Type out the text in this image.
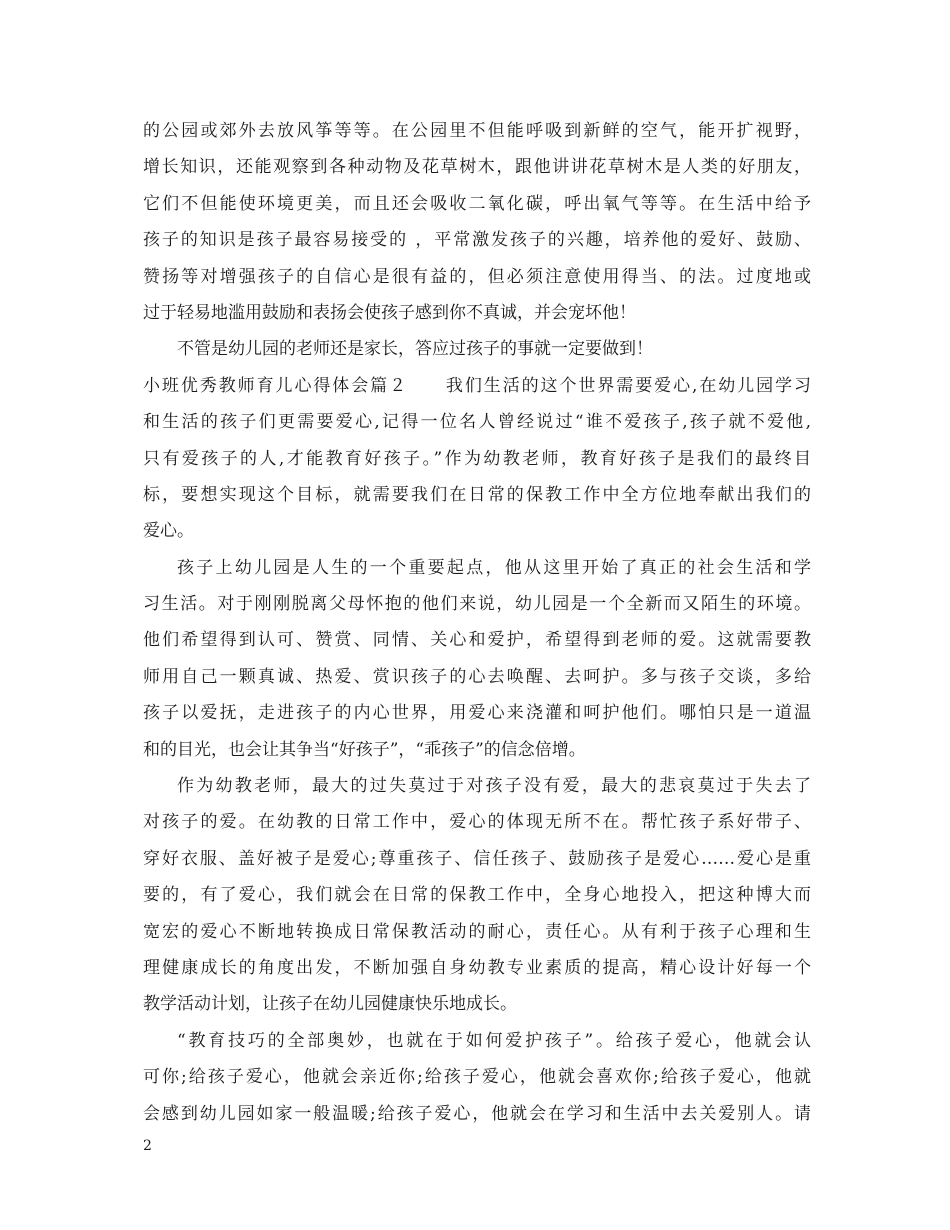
的公园或郊外去放风筝等等。在公园里不但能呼吸到新鲜的空气，能开扩视野，
增长知识，还能观察到各种动物及花草树木，跟他讲讲花草树木是人类的好朋友，
它们不但能使环境更美，而且还会吸收二氧化碳，呼出氧气等等。在生活中给予
孩子的知识是孩子最容易接受的 ，平常激发孩子的兴趣，培养他的爱好、鼓励、
赞扬等对增强孩子的自信心是很有益的，但必须注意使用得当、的法。过度地或
过于轻易地滥用鼓励和表扬会使孩子感到你不真诚，并会宠坏他！
不管是幼儿园的老师还是家长，答应过孩子的事就一定要做到！
小班优秀教师育儿心得体会篇２　　我们生活的这个世界需要爱心,在幼儿园学习
和生活的孩子们更需要爱心,记得一位名人曾经说过“谁不爱孩子,孩子就不爱他,
只有爱孩子的人,才能教育好孩子。”作为幼教老师，教育好孩子是我们的最终目
标，要想实现这个目标，就需要我们在日常的保教工作中全方位地奉献出我们的
爱心。
孩子上幼儿园是人生的一个重要起点，他从这里开始了真正的社会生活和学
习生活。对于刚刚脱离父母怀抱的他们来说，幼儿园是一个全新而又陌生的环境。
他们希望得到认可、赞赏、同情、关心和爱护，希望得到老师的爱。这就需要教
师用自己一颗真诚、热爱、赏识孩子的心去唤醒、去呵护。多与孩子交谈，多给
孩子以爱抚，走进孩子的内心世界，用爱心来浇灌和呵护他们。哪怕只是一道温
和的目光，也会让其争当“好孩子”，“乖孩子”的信念倍增。
作为幼教老师，最大的过失莫过于对孩子没有爱，最大的悲哀莫过于失去了
对孩子的爱。在幼教的日常工作中，爱心的体现无所不在。帮忙孩子系好带子、
穿好衣服、盖好被子是爱心;尊重孩子、信任孩子、鼓励孩子是爱心……爱心是重
要的，有了爱心，我们就会在日常的保教工作中，全身心地投入，把这种博大而
宽宏的爱心不断地转换成日常保教活动的耐心，责任心。从有利于孩子心理和生
理健康成长的角度出发，不断加强自身幼教专业素质的提高，精心设计好每一个
教学活动计划，让孩子在幼儿园健康快乐地成长。
“教育技巧的全部奥妙，也就在于如何爱护孩子”。给孩子爱心，他就会认
可你;给孩子爱心，他就会亲近你;给孩子爱心，他就会喜欢你;给孩子爱心，他就
会感到幼儿园如家一般温暖;给孩子爱心，他就会在学习和生活中去关爱别人。请
2
